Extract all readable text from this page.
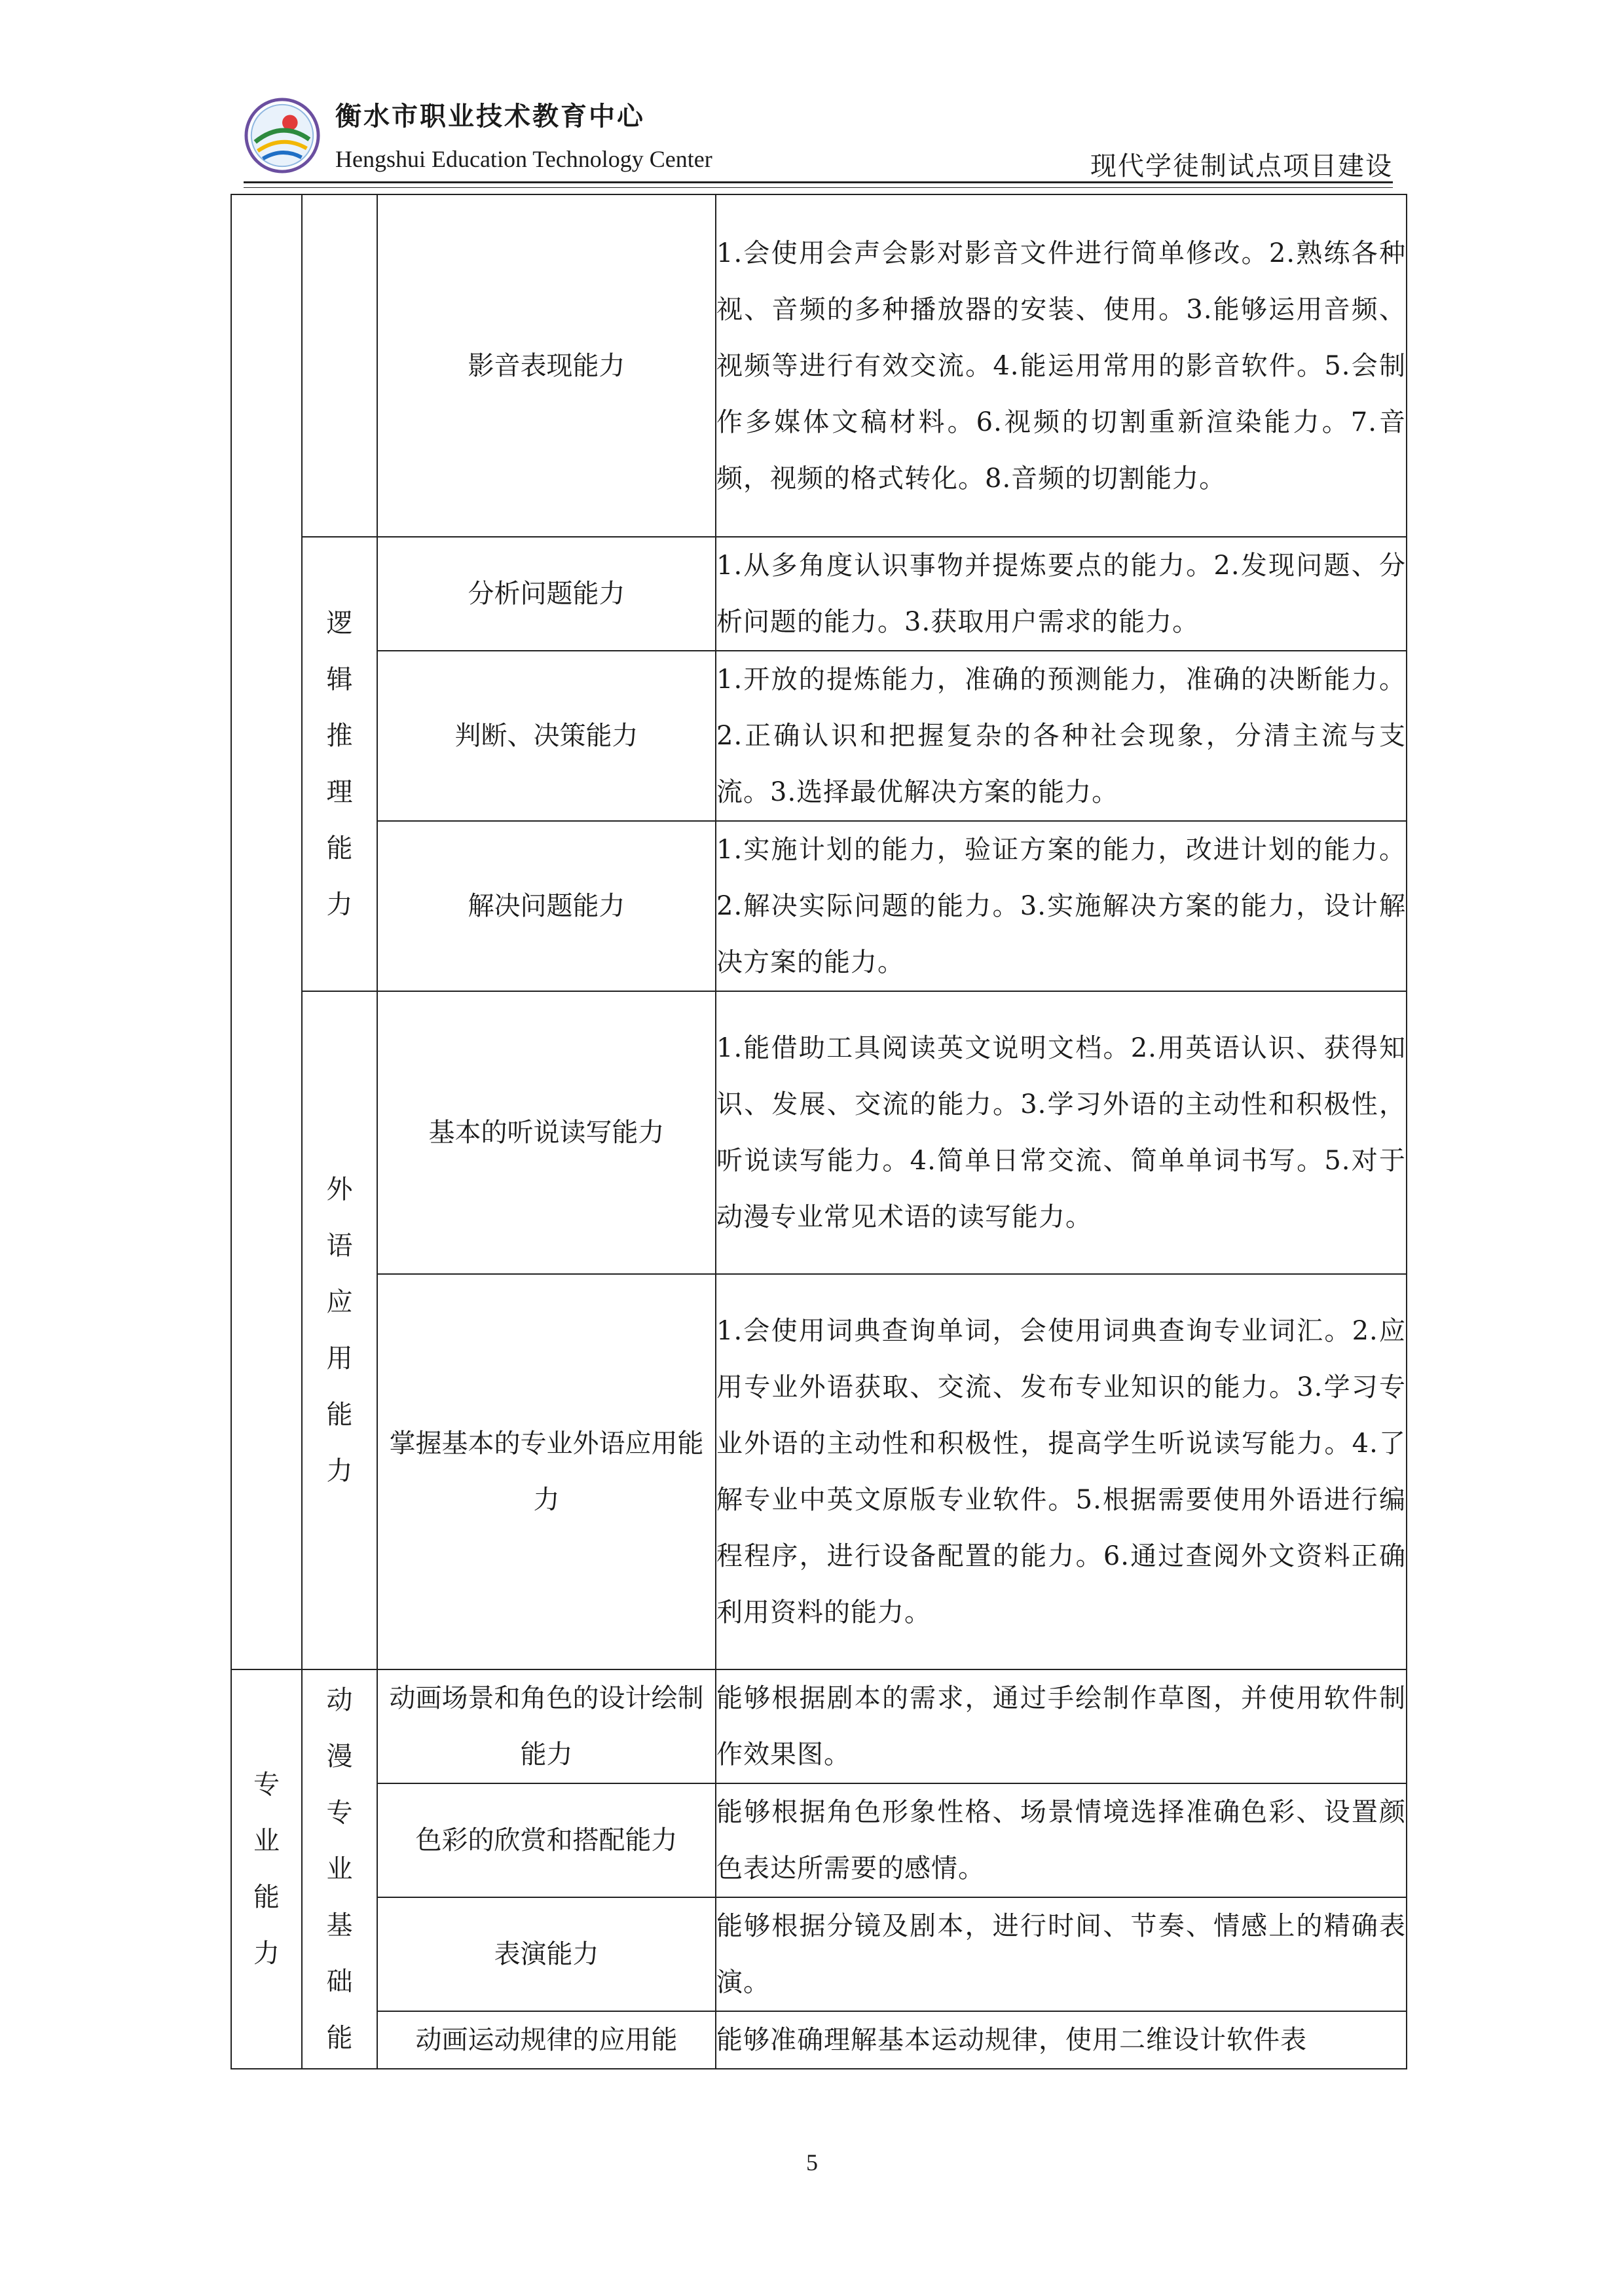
衡水市职业技术教育中心
Hengshui Education Technology Center	现代学徒制试点项目建设
		影音表现能力	1.会使用会声会影对影音文件进行简单修改。2.熟练各种视、音频的多种播放器的安装、使用。3.能够运用音频、视频等进行有效交流。4.能运用常用的影音软件。5.会制作多媒体文稿材料。6.视频的切割重新渲染能力。7.音频，视频的格式转化。8.音频的切割能力。
	逻辑推理能力	分析问题能力	1.从多角度认识事物并提炼要点的能力。2.发现问题、分析问题的能力。3.获取用户需求的能力。
		判断、决策能力	1.开放的提炼能力，准确的预测能力，准确的决断能力。2.正确认识和把握复杂的各种社会现象，分清主流与支流。3.选择最优解决方案的能力。
		解决问题能力	1.实施计划的能力，验证方案的能力，改进计划的能力。2.解决实际问题的能力。3.实施解决方案的能力，设计解决方案的能力。
	外语应用能力	基本的听说读写能力	1.能借助工具阅读英文说明文档。2.用英语认识、获得知识、发展、交流的能力。3.学习外语的主动性和积极性，听说读写能力。4.简单日常交流、简单单词书写。5.对于动漫专业常见术语的读写能力。
		掌握基本的专业外语应用能力	1.会使用词典查询单词，会使用词典查询专业词汇。2.应用专业外语获取、交流、发布专业知识的能力。3.学习专业外语的主动性和积极性，提高学生听说读写能力。4.了解专业中英文原版专业软件。5.根据需要使用外语进行编程程序，进行设备配置的能力。6.通过查阅外文资料正确利用资料的能力。
专业能力	动漫专业基础能	动画场景和角色的设计绘制能力	能够根据剧本的需求，通过手绘制作草图，并使用软件制作效果图。
		色彩的欣赏和搭配能力	能够根据角色形象性格、场景情境选择准确色彩、设置颜色表达所需要的感情。
		表演能力	能够根据分镜及剧本，进行时间、节奏、情感上的精确表演。
		动画运动规律的应用能	能够准确理解基本运动规律，使用二维设计软件表
5
